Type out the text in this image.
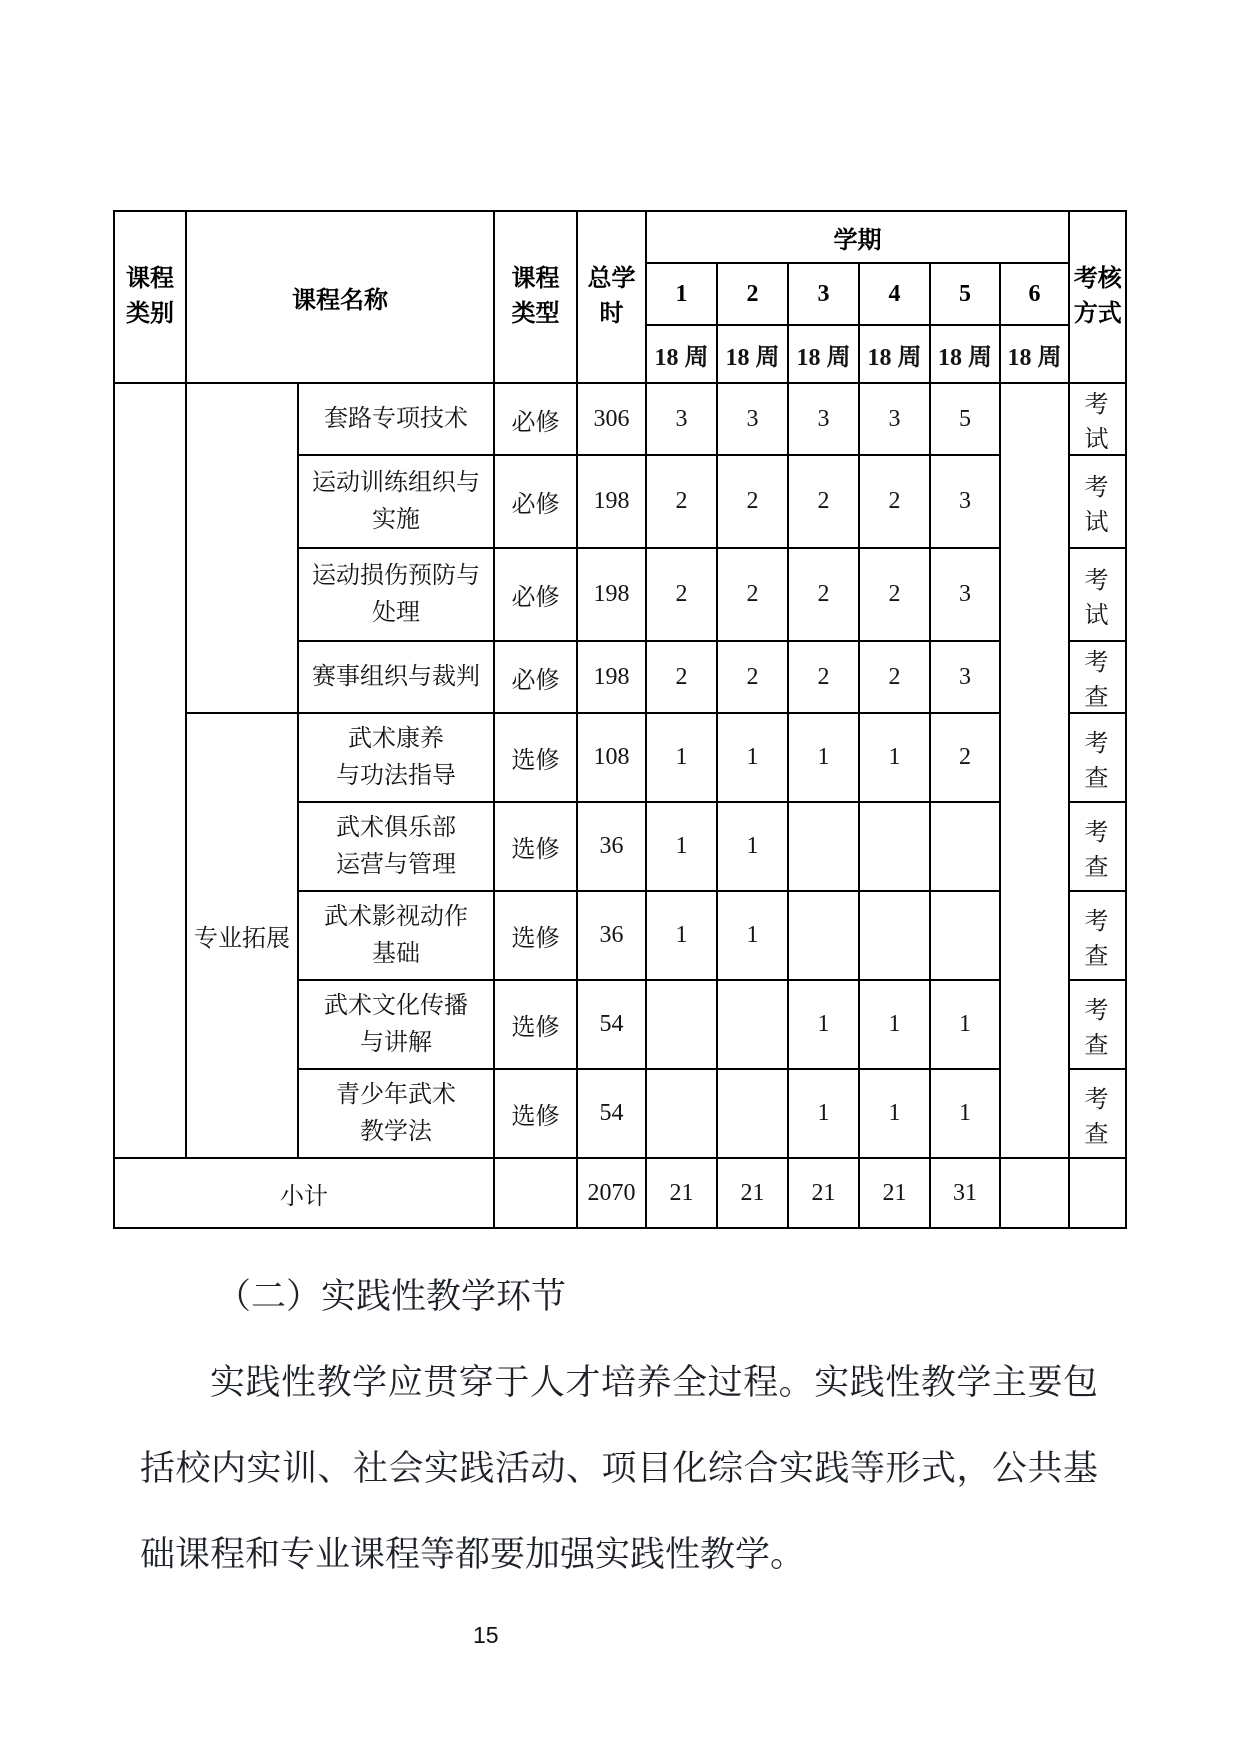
课程类别	课程名称		课程类型	总学时	学期						考核方式

					1	2	3	4	5	6	
					18 周	18 周	18 周	18 周	18 周	18 周	

		套路专项技术	必修	306	3	3	3	3	5		考试

		运动训练组织与
实施	必修	198	2	2	2	2	3		考试

		运动损伤预防与
处理	必修	198	2	2	2	2	3		考试

		赛事组织与裁判	必修	198	2	2	2	2	3		考查
	专业拓展	武术康养
与功法指导	选修	108	1	1	1	1	2		考查

		武术俱乐部
运营与管理	选修	36	1	1					考查

		武术影视动作
基础	选修	36	1	1					考查

		武术文化传播
与讲解	选修	54			1	1	1		考查

		青少年武术
教学法	选修	54			1	1	1		考查
小计				2070	21	21	21	21	31		
（二）实践性教学环节
实践性教学应贯穿于人才培养全过程。实践性教学主要包
括校内实训、社会实践活动、项目化综合实践等形式，公共基
础课程和专业课程等都要加强实践性教学。
15
